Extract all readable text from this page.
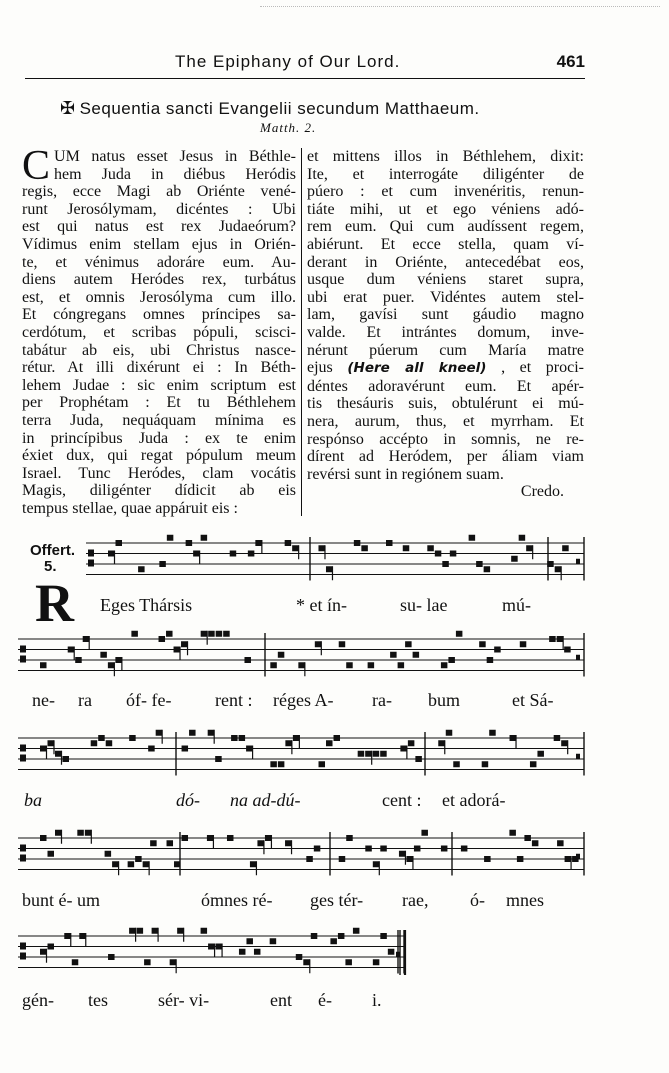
The Epiphany of Our Lord.	461
✠ Sequentia sancti Evangelii secundum Matthaeum.
Matth. 2.
C UM natus esset Jesus in Béthle-
hem Juda in diébus Heródis
regis, ecce Magi ab Oriénte vené-
runt Jerosólymam, dicéntes : Ubi
est qui natus est rex Judaeórum?
Vídimus enim stellam ejus in Orién-
te, et vénimus adoráre eum. Au-
diens autem Heródes rex, turbátus
est, et omnis Jerosólyma cum illo.
Et cóngregans omnes príncipes sa-
cerdótum, et scribas pópuli, scisci-
tabátur ab eis, ubi Christus nasce-
rétur. At illi dixérunt ei : In Béth-
lehem Judae : sic enim scriptum est
per Prophétam : Et tu Béthlehem
terra Juda, nequáquam mínima es
in princípibus Juda : ex te enim
éxiet dux, qui regat pópulum meum
Israel. Tunc Heródes, clam vocátis
Magis, diligénter dídicit ab eis
tempus stellae, quae appáruit eis :
et mittens illos in Béthlehem, dixit:
Ite, et interrogáte diligénter de
púero : et cum invenéritis, renun-
tiáte mihi, ut et ego véniens adó-
rem eum. Qui cum audíssent regem,
abiérunt. Et ecce stella, quam ví-
derant in Oriénte, antecedébat eos,
usque dum véniens staret supra,
ubi erat puer. Vidéntes autem stel-
lam, gavísi sunt gáudio magno
valde. Et intrántes domum, inve-
nérunt púerum cum María matre
ejus (Here all kneel) , et proci-
déntes adoravérunt eum. Et apér-
tis thesáuris suis, obtulérunt ei mú-
nera, aurum, thus, et myrrham. Et
respónso accépto in somnis, ne re-
dírent ad Heródem, per áliam viam
revérsi sunt in regiónem suam.
Credo.
Offert.
5.
R Eges Thársis	* et ín-	su- lae	mú-
ne- ra óf- fe- rent : réges A- ra- bum	et Sá-
ba	dó- na ad-dú-	cent : et adorá-
bunt é- um	ómnes ré- ges tér- rae, ó- mnes
gén- tes	sér- vi-	ent é- i.
